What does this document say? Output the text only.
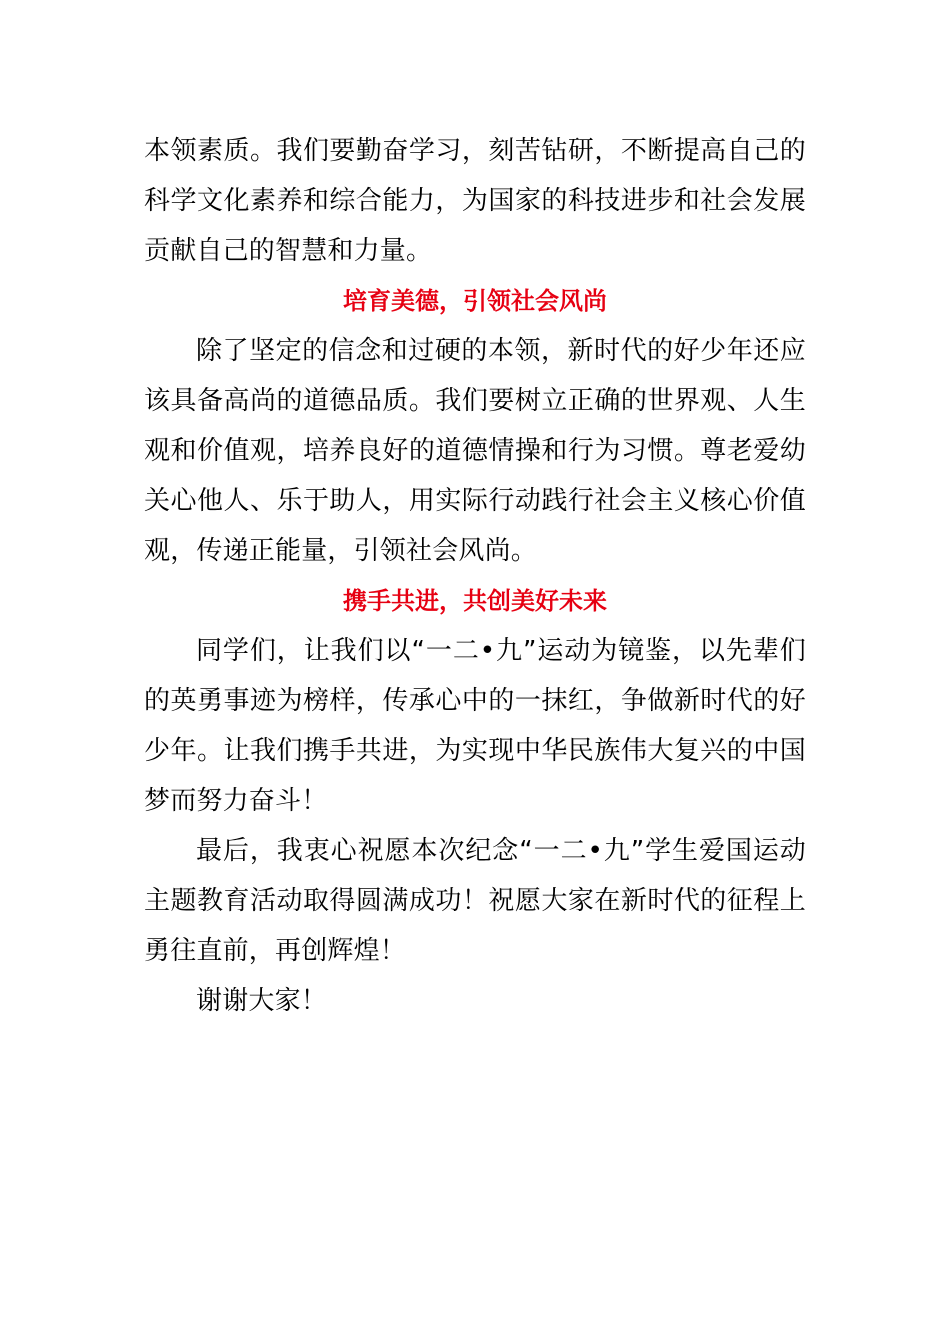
本领素质。我们要勤奋学习，刻苦钻研，不断提高自己的科学文化素养和综合能力，为国家的科技进步和社会发展贡献自己的智慧和力量。

培育美德，引领社会风尚

除了坚定的信念和过硬的本领，新时代的好少年还应该具备高尚的道德品质。我们要树立正确的世界观、人生观和价值观，培养良好的道德情操和行为习惯。尊老爱幼关心他人、乐于助人，用实际行动践行社会主义核心价值观，传递正能量，引领社会风尚。

携手共进，共创美好未来

同学们，让我们以“一二•九”运动为镜鉴，以先辈们的英勇事迹为榜样，传承心中的一抹红，争做新时代的好少年。让我们携手共进，为实现中华民族伟大复兴的中国梦而努力奋斗！

最后，我衷心祝愿本次纪念“一二•九”学生爱国运动主题教育活动取得圆满成功！祝愿大家在新时代的征程上勇往直前，再创辉煌！

谢谢大家！
